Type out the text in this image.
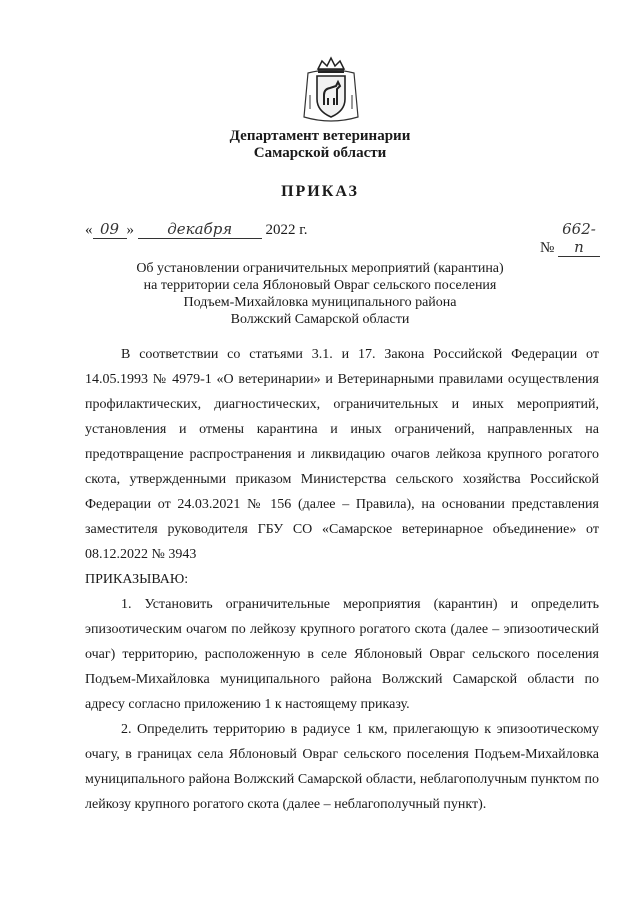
Департамент ветеринарии
Самарской области
ПРИКАЗ
« 09 » декабря 2022 г.
№ 662-п
Об установлении ограничительных мероприятий (карантина)
на территории села Яблоновый Овраг сельского поселения
Подъем-Михайловка муниципального района
Волжский Самарской области

В соответствии со статьями 3.1. и 17. Закона Российской Федерации от 14.05.1993 № 4979-1 «О ветеринарии» и Ветеринарными правилами осуществления профилактических, диагностических, ограничительных и иных мероприятий, установления и отмены карантина и иных ограничений, направленных на предотвращение распространения и ликвидацию очагов лейкоза крупного рогатого скота, утвержденными приказом Министерства сельского хозяйства Российской Федерации от 24.03.2021 № 156 (далее – Правила), на основании представления заместителя руководителя ГБУ СО «Самарское ветеринарное объединение» от 08.12.2022 № 3943

ПРИКАЗЫВАЮ:

1. Установить ограничительные мероприятия (карантин) и определить эпизоотическим очагом по лейкозу крупного рогатого скота (далее – эпизоотический очаг) территорию, расположенную в селе Яблоновый Овраг сельского поселения Подъем-Михайловка муниципального района Волжский Самарской области по адресу согласно приложению 1 к настоящему приказу.

2. Определить территорию в радиусе 1 км, прилегающую к эпизоотическому очагу, в границах села Яблоновый Овраг сельского поселения Подъем-Михайловка муниципального района Волжский Самарской области, неблагополучным пунктом по лейкозу крупного рогатого скота (далее – неблагополучный пункт).
